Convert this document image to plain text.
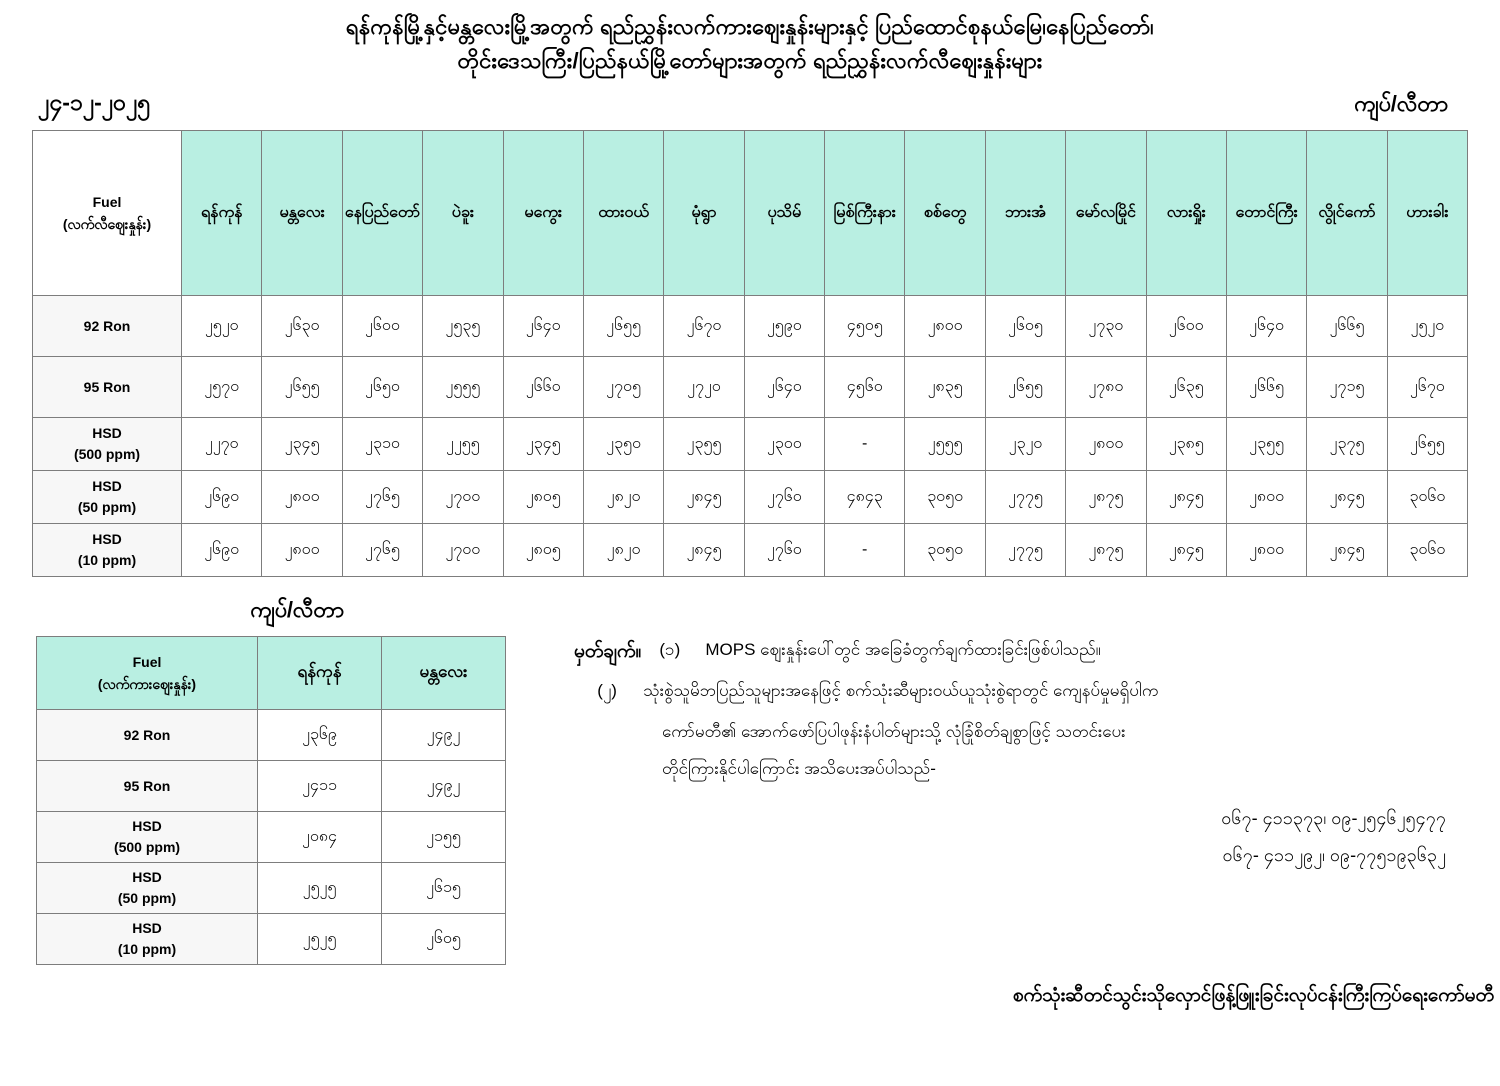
ရန်ကုန်မြို့နှင့်မန္တလေးမြို့အတွက် ရည်ညွှန်းလက်ကားဈေးနှုန်းများနှင့် ပြည်ထောင်စုနယ်မြေ၊နေပြည်တော်၊
တိုင်းဒေသကြီး/ပြည်နယ်မြို့တော်များအတွက် ရည်ညွှန်းလက်လီဈေးနှုန်းများ
၂၄-၁၂-၂၀၂၅	ကျပ်/လီတာ
Fuel
(လက်လီဈေးနှုန်း)	ရန်ကုန်	မန္တလေး	နေပြည်တော်	ပဲခူး	မကွေး	ထားဝယ်	မုံရွာ	ပုသိမ်	မြစ်ကြီးနား	စစ်တွေ	ဘားအံ	မော်လမြိုင်	လားရှိုး	တောင်ကြီး	လွိုင်ကော်	ဟားခါး

92 Ron	၂၅၂၀	၂၆၃၀	၂၆၀၀	၂၅၃၅	၂၆၄၀	၂၆၅၅	၂၆၇၀	၂၅၉၀	၄၅၀၅	၂၈၀၀	၂၆၀၅	၂၇၃၀	၂၆၀၀	၂၆၄၀	၂၆၆၅	၂၅၂၀

95 Ron	၂၅၇၀	၂၆၅၅	၂၆၅၀	၂၅၅၅	၂၆၆၀	၂၇၀၅	၂၇၂၀	၂၆၄၀	၄၅၆၀	၂၈၃၅	၂၆၅၅	၂၇၈၀	၂၆၃၅	၂၆၆၅	၂၇၁၅	၂၆၇၀

HSD
(500 ppm)	၂၂၇၀	၂၃၄၅	၂၃၁၀	၂၂၅၅	၂၃၄၅	၂၃၅၀	၂၃၅၅	၂၃၀၀	-	၂၅၅၅	၂၃၂၀	၂၈၀၀	၂၃၈၅	၂၃၅၅	၂၃၇၅	၂၆၅၅

HSD
(50 ppm)	၂၆၉၀	၂၈၀၀	၂၇၆၅	၂၇၀၀	၂၈၀၅	၂၈၂၀	၂၈၄၅	၂၇၆၀	၄၈၄၃	၃၀၅၀	၂၇၇၅	၂၈၇၅	၂၈၄၅	၂၈၀၀	၂၈၄၅	၃၀၆၀

HSD
(10 ppm)	၂၆၉၀	၂၈၀၀	၂၇၆၅	၂၇၀၀	၂၈၀၅	၂၈၂၀	၂၈၄၅	၂၇၆၀	-	၃၀၅၀	၂၇၇၅	၂၈၇၅	၂၈၄၅	၂၈၀၀	၂၈၄၅	၃၀၆၀
ကျပ်/လီတာ
Fuel
(လက်ကားဈေးနှုန်း)	ရန်ကုန်	မန္တလေး

92 Ron	၂၃၆၉	၂၄၉၂

95 Ron	၂၄၁၁	၂၄၉၂

HSD
(500 ppm)	၂၀၈၄	၂၁၅၅

HSD
(50 ppm)	၂၅၂၅	၂၆၁၅

HSD
(10 ppm)	၂၅၂၅	၂၆၀၅
မှတ်ချက်။	(၁)	MOPS ဈေးနှုန်းပေါ်တွင် အခြေခံတွက်ချက်ထားခြင်းဖြစ်ပါသည်။
(၂)	သုံးစွဲသူမိဘပြည်သူများအနေဖြင့် စက်သုံးဆီများဝယ်ယူသုံးစွဲရာတွင် ကျေနပ်မှုမရှိပါက
ကော်မတီ၏ အောက်ဖော်ပြပါဖုန်းနံပါတ်များသို့ လုံခြုံစိတ်ချစွာဖြင့် သတင်းပေး
တိုင်ကြားနိုင်ပါကြောင်း အသိပေးအပ်ပါသည်-
၀၆၇- ၄၁၁၃၇၃၊ ၀၉-၂၅၄၆၂၅၄၇၇
၀၆၇- ၄၁၁၂၉၂၊ ၀၉-၇၇၅၁၉၃၆၃၂
စက်သုံးဆီတင်သွင်းသိုလှောင်ဖြန့်ဖြူးခြင်းလုပ်ငန်းကြီးကြပ်ရေးကော်မတီ
